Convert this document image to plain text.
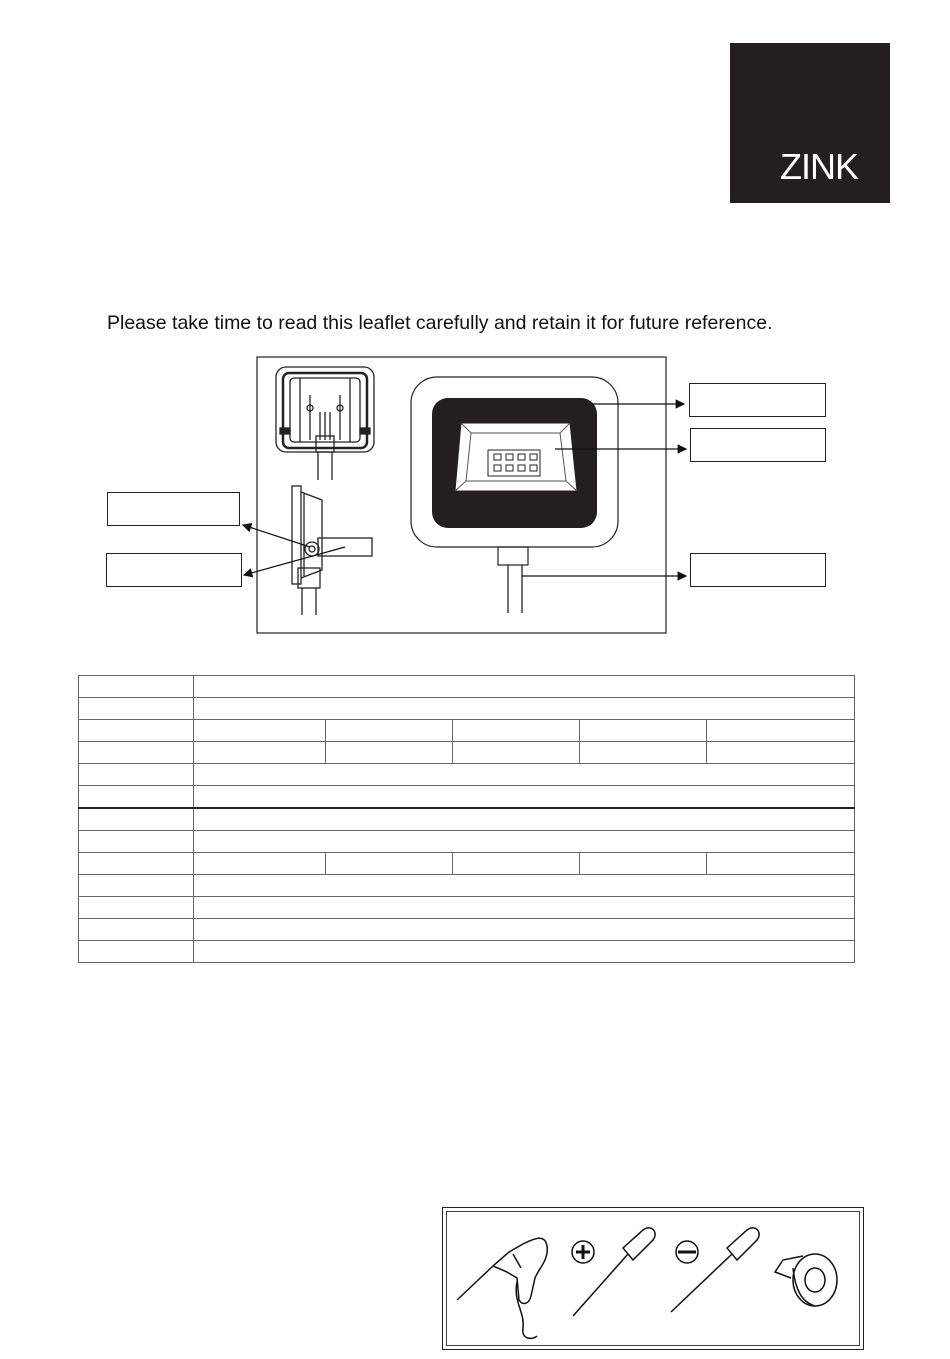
ZINK
Please take time to read this leaflet carefully and retain it for future reference.
